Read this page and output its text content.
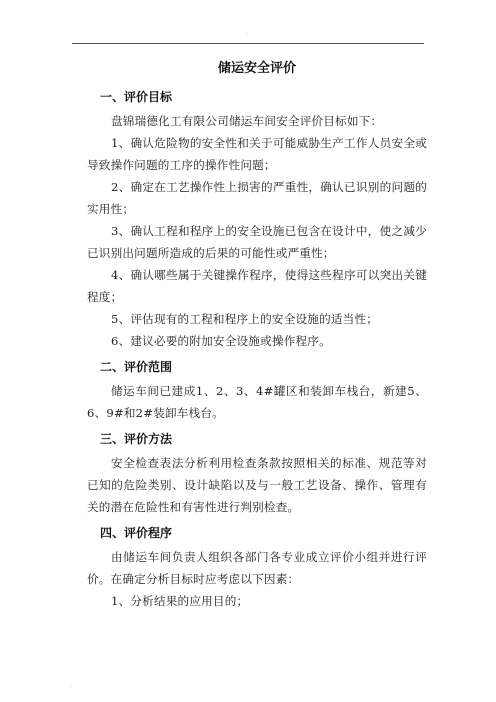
.
储运安全评价
一、评价目标

盘锦瑞德化工有限公司储运车间安全评价目标如下：

1、确认危险物的安全性和关于可能威胁生产工作人员安全或导致操作问题的工序的操作性问题；

2、确定在工艺操作性上损害的严重性，确认已识别的问题的实用性；

3、确认工程和程序上的安全设施已包含在设计中，使之减少已识别出问题所造成的后果的可能性或严重性；

4、确认哪些属于关键操作程序，使得这些程序可以突出关键程度；

5、评估现有的工程和程序上的安全设施的适当性；

6、建议必要的附加安全设施或操作程序。

二、评价范围

储运车间已建成1、2、3、4#罐区和装卸车栈台，新建5、6、9#和2#装卸车栈台。

三、评价方法

安全检查表法分析利用检查条款按照相关的标准、规范等对已知的危险类别、设计缺陷以及与一般工艺设备、操作、管理有关的潜在危险性和有害性进行判别检查。

四、评价程序

由储运车间负责人组织各部门各专业成立评价小组并进行评价。在确定分析目标时应考虑以下因素：

1、分析结果的应用目的；

.
